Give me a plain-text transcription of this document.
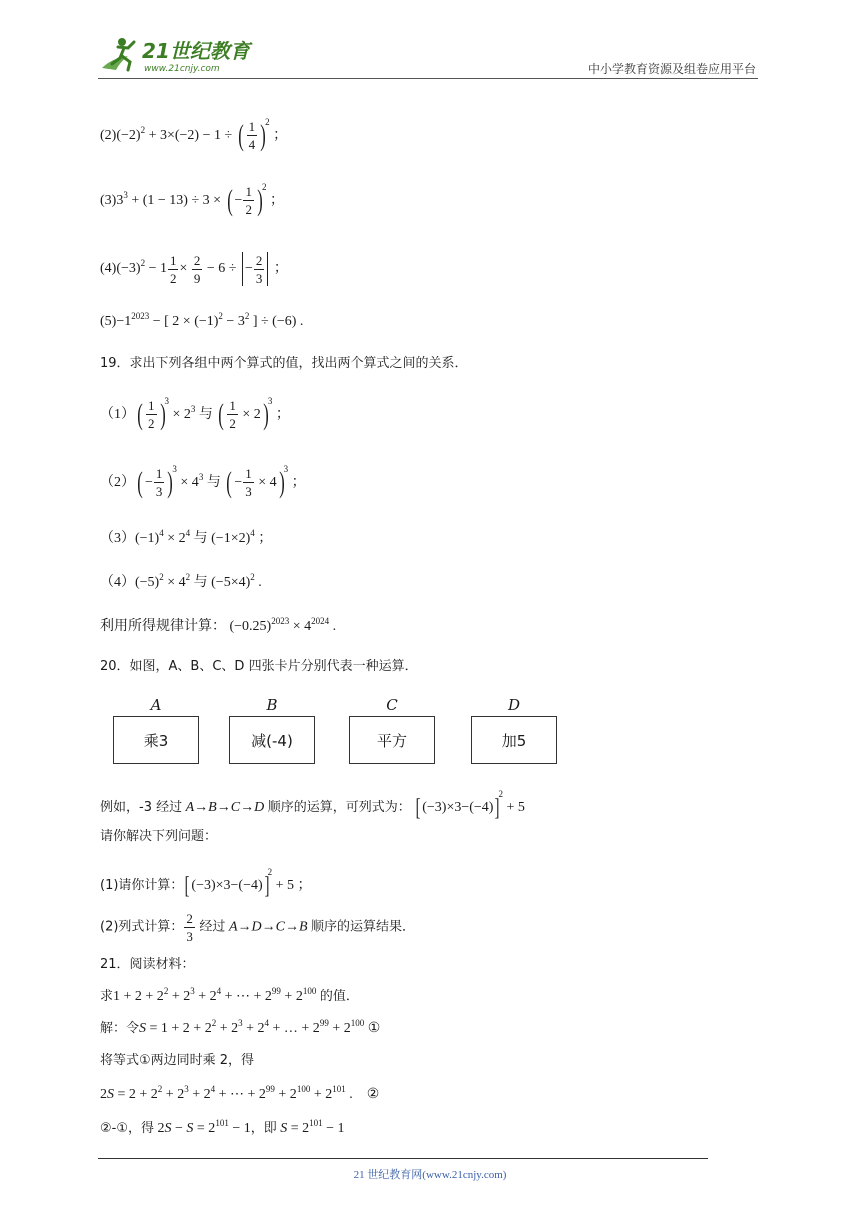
21世纪教育
www.21cnjy.com	中小学教育资源及组卷应用平台
$(2)(-2)^2 + 3\times(-2) - 1$ ÷ ( $\frac{1}{4} )^2$ ；
$(3)3^3 + (1 - 13) \div 3$ × ( − $\frac{1}{2} )^2$ ；
$(4)(-3)^2 - 1 \frac{1}{2} \times \frac{2}{9} - 6$ ÷ − $\frac{2}{3}$ ；
$(5)-1^{2023}$ − [ $2 \times (-1)^2 - 3^2$ ] ÷ (−6) .
19．求出下列各组中两个算式的值，找出两个算式之间的关系．
$(1)( \frac{1}{2} )^3 \times 2^3$ 与 ( $\frac{1}{2} \times 2)^3$ ；
$(2)( - \frac{1}{3} )^3 \times 4^3$ 与 ( − $\frac{1}{3} \times 4)^3$ ；
$(3)(-1)^4 \times 2^4$ 与 $(-1\times 2)^4$ ；
$(4)(-5)^2 \times 4^2$ 与 $(-5\times 4)^2$ .
利用所得规律计算： $(-0.25)^{2023} \times 4^{2024}$ .
20．如图，A、B、C、D 四张卡片分别代表一种运算．
A
乘3
B
减(-4)
C
平方
D
加5
例如，-3 经过 A→B→C→D 顺序的运算，可列式为： [ (−3)×3−(−4)]$^2$ + 5
请你解决下列问题：
(1)请你计算：[ (−3)×3−(−4)]$^2$ + 5 ；
(2)列式计算： $\frac{2}{3}$ 经过 A→D→C→B 顺序的运算结果．
21．阅读材料：
求$1 + 2 + 2^2 + 2^3 + 2^4$ + ⋯ + $2^{99} + 2^{100}$ 的值．
解：令$S = 1 + 2 + 2^2 + 2^3 + 2^4$ + … + $2^{99} + 2^{100}$ ①
将等式①两边同时乘 2，得
$2S = 2 + 2^2 + 2^3 + 2^4$ + ⋯ + $2^{99} + 2^{100} + 2^{101}$ .    ②
②-①，得 $2S - S = 2^{101} - 1$，即 $S = 2^{101} - 1$
21 世纪教育网(www.21cnjy.com)
